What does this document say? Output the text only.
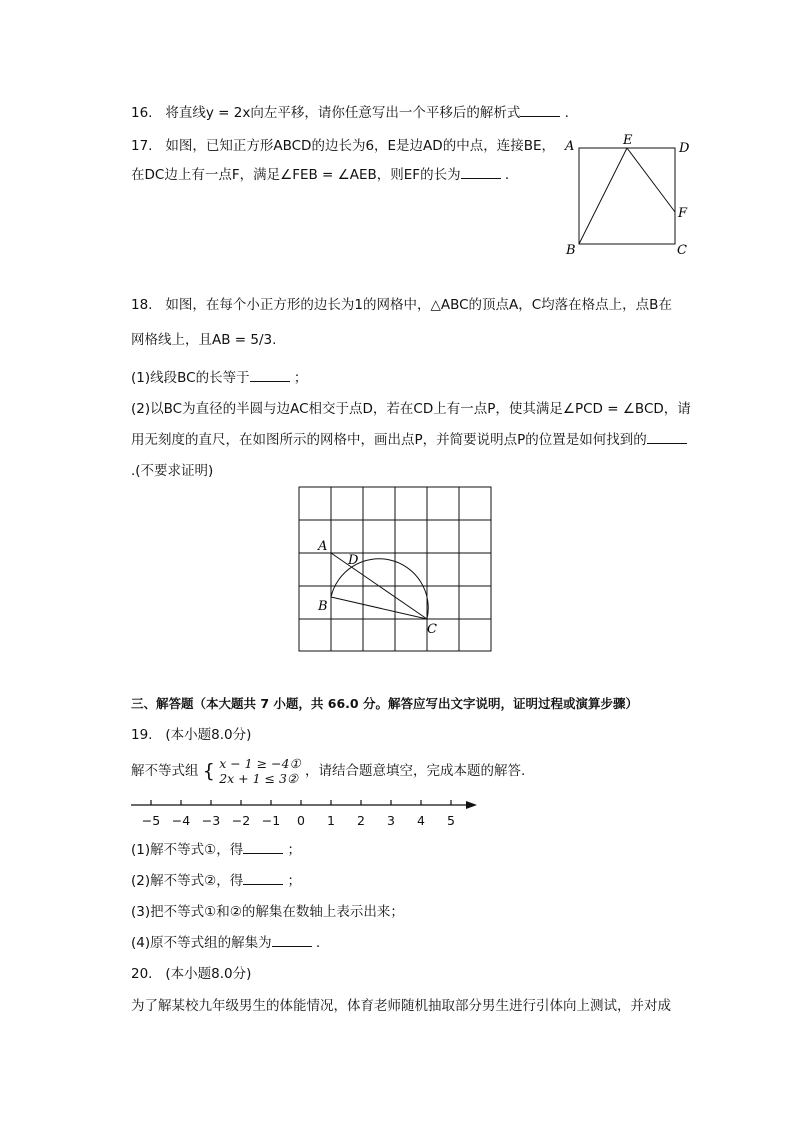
16. 将直线y = 2x向左平移，请你任意写出一个平移后的解析式	.
17. 如图，已知正方形ABCD的边长为6，E是边AD的中点，连接BE，
在DC边上有一点F，满足∠FEB = ∠AEB，则EF的长为	.
A	E
D
F
B	C
18. 如图，在每个小正方形的边长为1的网格中，△ABC的顶点A，C均落在格点上，点B在
网格线上，且AB = 5/3.
(1)线段BC的长等于	；
(2)以BC为直径的半圆与边AC相交于点D，若在CD上有一点P，使其满足∠PCD = ∠BCD，请
用无刻度的直尺，在如图所示的网格中，画出点P，并简要说明点P的位置是如何找到的
.(不要求证明)
A
D
B
C
三、解答题（本大题共 7 小题，共 66.0 分。解答应写出文字说明，证明过程或演算步骤）
19. (本小题8.0分)
解不等式组 { x − 1 ≥ −4①
2x + 1 ≤ 3② ，请结合题意填空，完成本题的解答.
−5 −4 −3 −2 −1 0 1 2 3 4 5
(1)解不等式①，得	；
(2)解不等式②，得	；
(3)把不等式①和②的解集在数轴上表示出来；
(4)原不等式组的解集为	.
20. (本小题8.0分)
为了解某校九年级男生的体能情况，体育老师随机抽取部分男生进行引体向上测试，并对成
